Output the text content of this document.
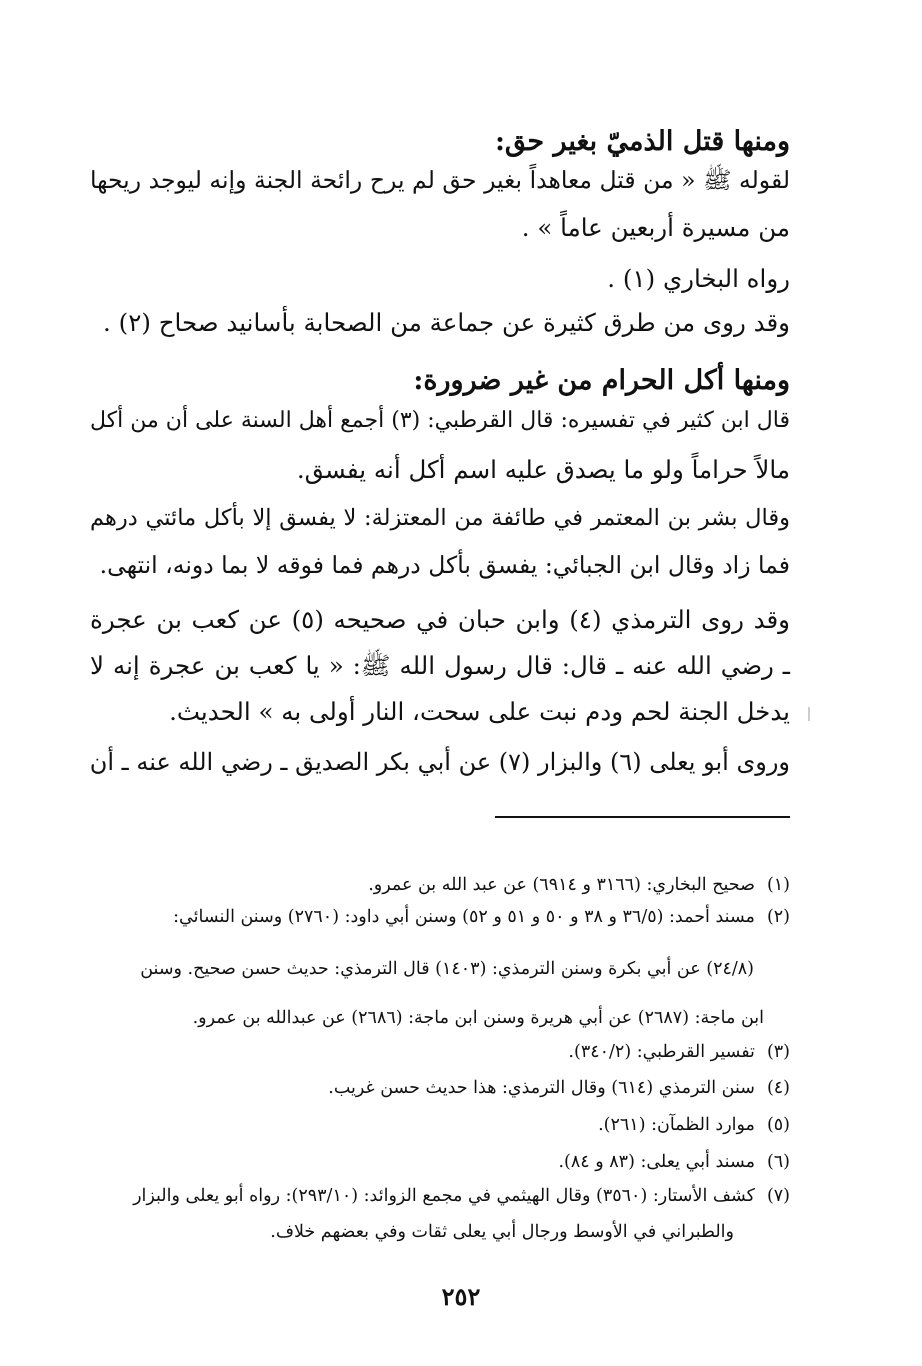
ومنها قتل الذميّ بغير حق:
لقوله ﷺ « من قتل معاهداً بغير حق لم يرح رائحة الجنة وإنه ليوجد ريحها
من مسيرة أربعين عاماً » .
رواه البخاري (١) .
وقد روى من طرق كثيرة عن جماعة من الصحابة بأسانيد صحاح (٢) .
ومنها أكل الحرام من غير ضرورة:
قال ابن كثير في تفسيره: قال القرطبي: (٣) أجمع أهل السنة على أن من أكل
مالاً حراماً ولو ما يصدق عليه اسم أكل أنه يفسق.
وقال بشر بن المعتمر في طائفة من المعتزلة: لا يفسق إلا بأكل مائتي درهم
فما زاد وقال ابن الجبائي: يفسق بأكل درهم فما فوقه لا بما دونه، انتهى.
وقد روى الترمذي (٤) وابن حبان في صحيحه (٥) عن كعب بن عجرة
ـ رضي الله عنه ـ قال: قال رسول الله ﷺ: « يا كعب بن عجرة إنه لا
يدخل الجنة لحم ودم نبت على سحت، النار أولى به » الحديث.
وروى أبو يعلى (٦) والبزار (٧) عن أبي بكر الصديق ـ رضي الله عنه ـ أن
(١)صحيح البخاري: (٣١٦٦ و ٦٩١٤) عن عبد الله بن عمرو.
(٢)مسند أحمد: (٣٦/٥ و ٣٨ و ٥٠ و ٥١ و ٥٢) وسنن أبي داود: (٢٧٦٠) وسنن النسائي:
(٢٤/٨) عن أبي بكرة وسنن الترمذي: (١٤٠٣) قال الترمذي: حديث حسن صحيح. وسنن
ابن ماجة: (٢٦٨٧) عن أبي هريرة وسنن ابن ماجة: (٢٦٨٦) عن عبدالله بن عمرو.
(٣)تفسير القرطبي: (٣٤٠/٢).
(٤)سنن الترمذي (٦١٤) وقال الترمذي: هذا حديث حسن غريب.
(٥)موارد الظمآن: (٢٦١).
(٦)مسند أبي يعلى: (٨٣ و ٨٤).
(٧)كشف الأستار: (٣٥٦٠) وقال الهيثمي في مجمع الزوائد: (٢٩٣/١٠): رواه أبو يعلى والبزار
والطبراني في الأوسط ورجال أبي يعلى ثقات وفي بعضهم خلاف.
٢٥٢
